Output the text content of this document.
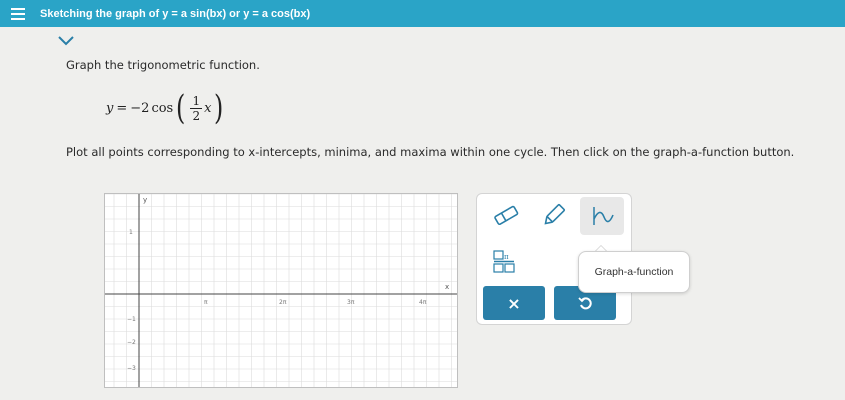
Sketching the graph of y = a sin(bx) or y = a cos(bx)
Graph the trigonometric function.
y = −2 cos ( $\frac{1}{2}$ x )
Plot all points corresponding to x-intercepts, minima, and maxima within one cycle. Then click on the graph-a-function button.
x
y
π	2π	3π	4π
1
−1
−2
−3
π
×
Graph-a-function
